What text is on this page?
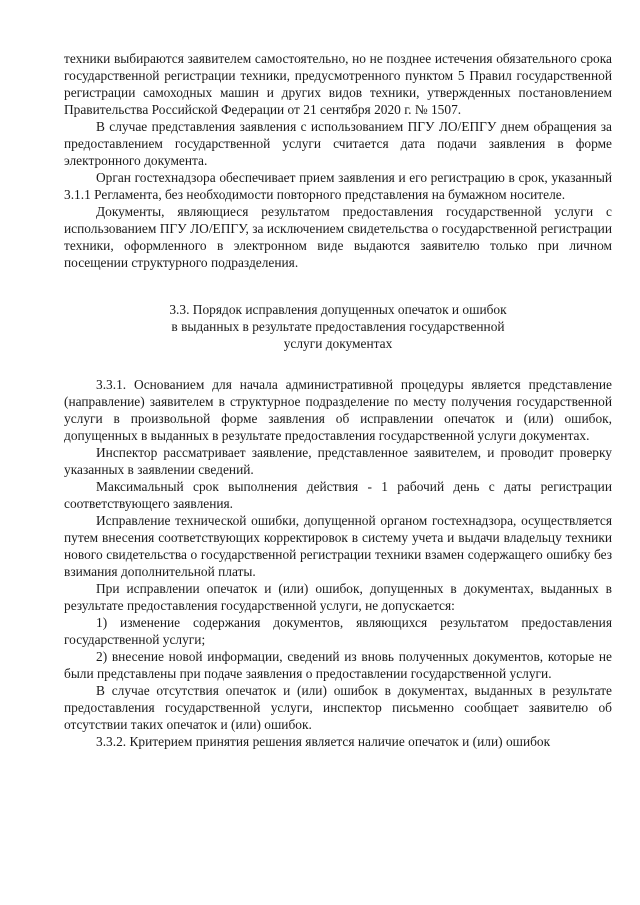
техники выбираются заявителем самостоятельно, но не позднее истечения обязательного срока государственной регистрации техники, предусмотренного пунктом 5 Правил государственной регистрации самоходных машин и других видов техники, утвержденных постановлением Правительства Российской Федерации от 21 сентября 2020 г. № 1507.

В случае представления заявления с использованием ПГУ ЛО/ЕПГУ днем обращения за предоставлением государственной услуги считается дата подачи заявления в форме электронного документа.

Орган гостехнадзора обеспечивает прием заявления и его регистрацию в срок, указанный 3.1.1 Регламента, без необходимости повторного представления на бумажном носителе.

Документы, являющиеся результатом предоставления государственной услуги с использованием ПГУ ЛО/ЕПГУ, за исключением свидетельства о государственной регистрации техники, оформленного в электронном виде выдаются заявителю только при личном посещении структурного подразделения.

3.3. Порядок исправления допущенных опечаток и ошибок
в выданных в результате предоставления государственной
услуги документах

3.3.1. Основанием для начала административной процедуры является представление (направление) заявителем в структурное подразделение по месту получения государственной услуги в произвольной форме заявления об исправлении опечаток и (или) ошибок, допущенных в выданных в результате предоставления государственной услуги документах.

Инспектор рассматривает заявление, представленное заявителем, и проводит проверку указанных в заявлении сведений.

Максимальный срок выполнения действия - 1 рабочий день с даты регистрации соответствующего заявления.

Исправление технической ошибки, допущенной органом гостехнадзора, осуществляется путем внесения соответствующих корректировок в систему учета и выдачи владельцу техники нового свидетельства о государственной регистрации техники взамен содержащего ошибку без взимания дополнительной платы.

При исправлении опечаток и (или) ошибок, допущенных в документах, выданных в результате предоставления государственной услуги, не допускается:

1) изменение содержания документов, являющихся результатом предоставления государственной услуги;

2) внесение новой информации, сведений из вновь полученных документов, которые не были представлены при подаче заявления о предоставлении государственной услуги.

В случае отсутствия опечаток и (или) ошибок в документах, выданных в результате предоставления государственной услуги, инспектор письменно сообщает заявителю об отсутствии таких опечаток и (или) ошибок.

3.3.2. Критерием принятия решения является наличие опечаток и (или) ошибок
